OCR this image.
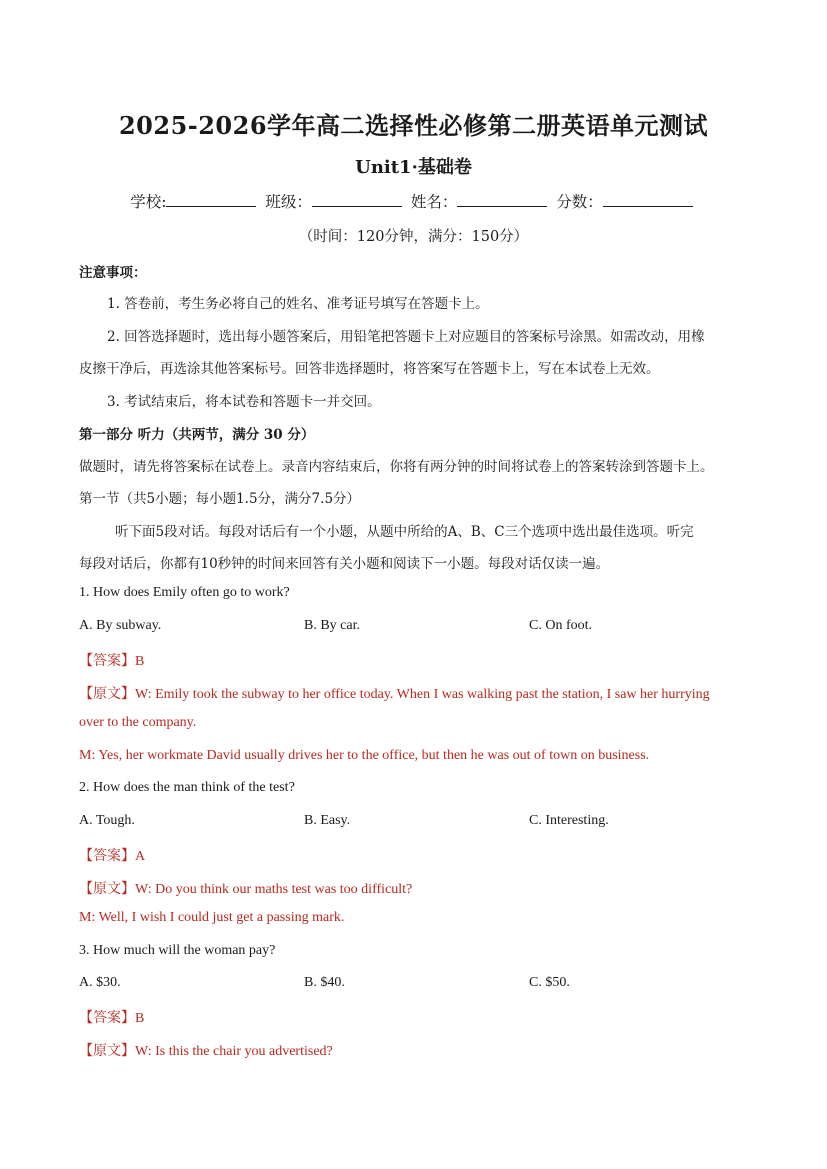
2025-2026学年高二选择性必修第二册英语单元测试
Unit1·基础卷
学校:	班级：	姓名：	分数：
（时间：120分钟，满分：150分）
注意事项：
1. 答卷前，考生务必将自己的姓名、准考证号填写在答题卡上。
2. 回答选择题时，选出每小题答案后，用铅笔把答题卡上对应题目的答案标号涂黑。如需改动，用橡
皮擦干净后，再选涂其他答案标号。回答非选择题时，将答案写在答题卡上，写在本试卷上无效。
3. 考试结束后，将本试卷和答题卡一并交回。
第一部分 听力（共两节，满分 30 分）
做题时，请先将答案标在试卷上。录音内容结束后，你将有两分钟的时间将试卷上的答案转涂到答题卡上。
第一节（共5小题；每小题1.5分，满分7.5分）
听下面5段对话。每段对话后有一个小题，从题中所给的A、B、C三个选项中选出最佳选项。听完
每段对话后，你都有10秒钟的时间来回答有关小题和阅读下一小题。每段对话仅读一遍。
1. How does Emily often go to work?
A. By subway.	B. By car.	C. On foot.
【答案】B
【原文】W: Emily took the subway to her office today. When I was walking past the station, I saw her hurrying
over to the company.
M: Yes, her workmate David usually drives her to the office, but then he was out of town on business.
2. How does the man think of the test?
A. Tough.	B. Easy.	C. Interesting.
【答案】A
【原文】W: Do you think our maths test was too difficult?
M: Well, I wish I could just get a passing mark.
3. How much will the woman pay?
A. $30.	B. $40.	C. $50.
【答案】B
【原文】W: Is this the chair you advertised?
